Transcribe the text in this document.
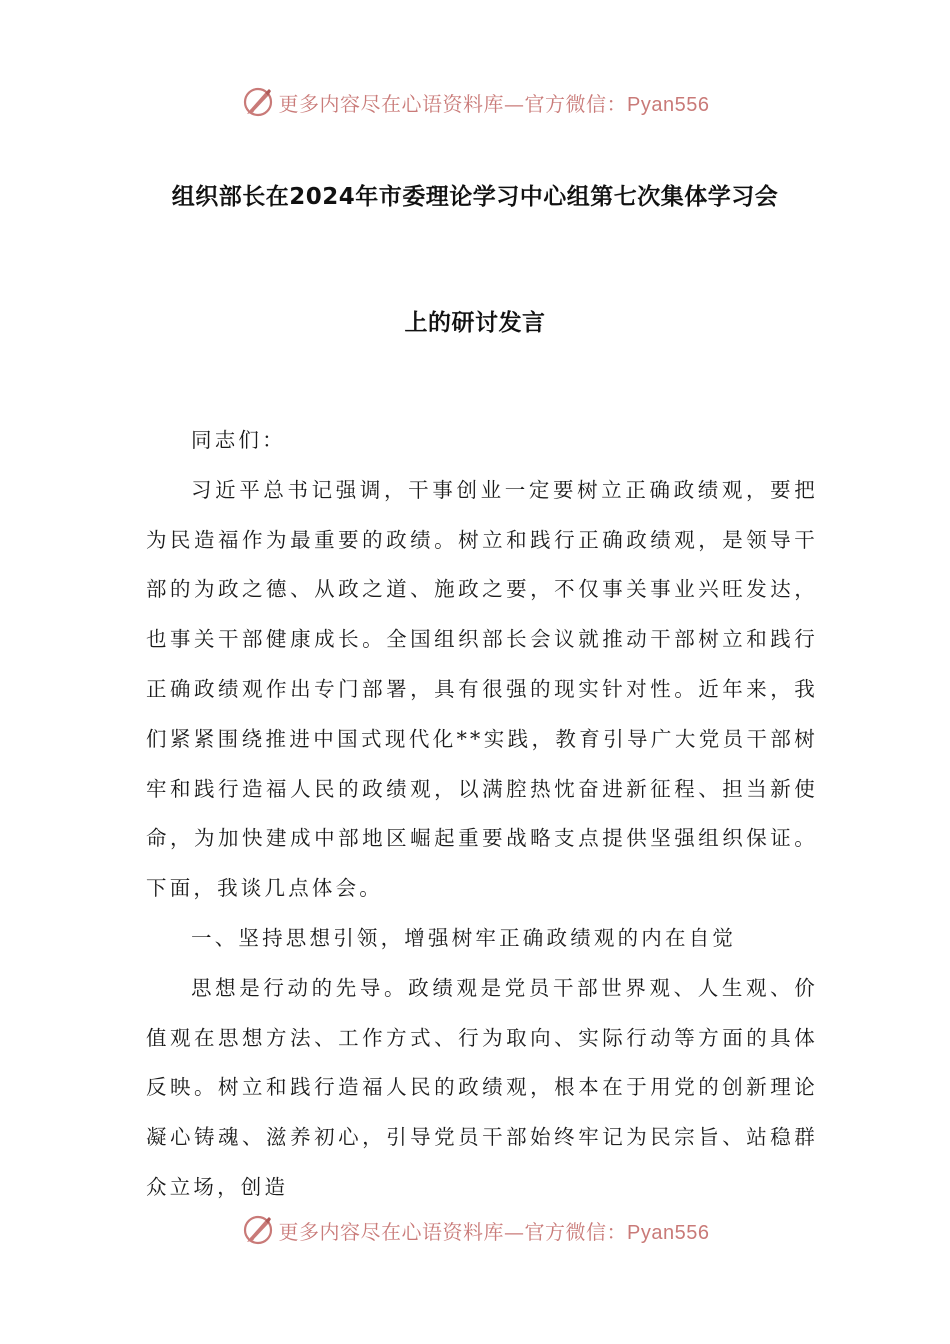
更多内容尽在心语资料库—官方微信：Pyan556
组织部长在2024年市委理论学习中心组第七次集体学习会
上的研讨发言

同志们：

习近平总书记强调，干事创业一定要树立正确政绩观，要把为民造福作为最重要的政绩。树立和践行正确政绩观，是领导干部的为政之德、从政之道、施政之要，不仅事关事业兴旺发达，也事关干部健康成长。全国组织部长会议就推动干部树立和践行正确政绩观作出专门部署，具有很强的现实针对性。近年来，我们紧紧围绕推进中国式现代化**实践，教育引导广大党员干部树牢和践行造福人民的政绩观，以满腔热忱奋进新征程、担当新使命，为加快建成中部地区崛起重要战略支点提供坚强组织保证。下面，我谈几点体会。

一、坚持思想引领，增强树牢正确政绩观的内在自觉

思想是行动的先导。政绩观是党员干部世界观、人生观、价值观在思想方法、工作方式、行为取向、实际行动等方面的具体反映。树立和践行造福人民的政绩观，根本在于用党的创新理论凝心铸魂、滋养初心，引导党员干部始终牢记为民宗旨、站稳群众立场，创造

更多内容尽在心语资料库—官方微信：Pyan556
